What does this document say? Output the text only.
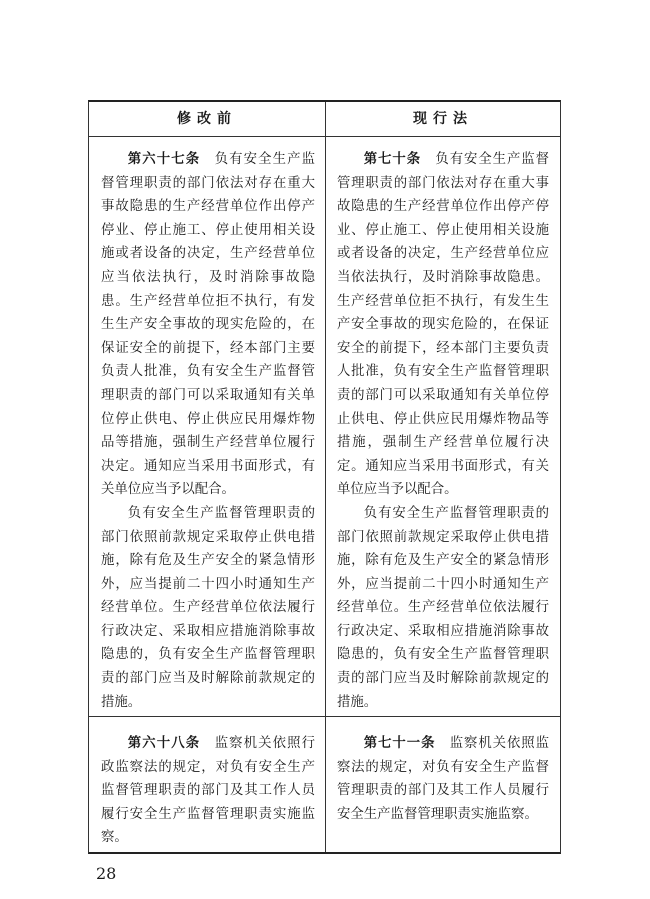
修改前	现行法

第六十七条　 负有安全生产监督管理职责的部门依法对存在重大事故隐患的生产经营单位作出停产停业、停止施工、停止使用相关设施或者设备的决定，生产经营单位应当依法执行，及时消除事故隐患。生产经营单位拒不执行，有发生生产安全事故的现实危险的，在保证安全的前提下，经本部门主要负责人批准，负有安全生产监督管理职责的部门可以采取通知有关单位停止供电、停止供应民用爆炸物品等措施，强制生产经营单位履行决定。通知应当采用书面形式，有关单位应当予以配合。

负有安全生产监督管理职责的部门依照前款规定采取停止供电措施，除有危及生产安全的紧急情形外，应当提前二十四小时通知生产经营单位。生产经营单位依法履行行政决定、采取相应措施消除事故隐患的，负有安全生产监督管理职责的部门应当及时解除前款规定的措施。

第七十条　 负有安全生产监督管理职责的部门依法对存在重大事故隐患的生产经营单位作出停产停业、停止施工、停止使用相关设施或者设备的决定，生产经营单位应当依法执行，及时消除事故隐患。生产经营单位拒不执行，有发生生产安全事故的现实危险的，在保证安全的前提下，经本部门主要负责人批准，负有安全生产监督管理职责的部门可以采取通知有关单位停止供电、停止供应民用爆炸物品等措施，强制生产经营单位履行决定。通知应当采用书面形式，有关单位应当予以配合。

负有安全生产监督管理职责的部门依照前款规定采取停止供电措施，除有危及生产安全的紧急情形外，应当提前二十四小时通知生产经营单位。生产经营单位依法履行行政决定、采取相应措施消除事故隐患的，负有安全生产监督管理职责的部门应当及时解除前款规定的措施。

第六十八条　 监察机关依照行政监察法的规定，对负有安全生产监督管理职责的部门及其工作人员履行安全生产监督管理职责实施监察。

第七十一条　 监察机关依照监察法的规定，对负有安全生产监督管理职责的部门及其工作人员履行安全生产监督管理职责实施监察。

28
